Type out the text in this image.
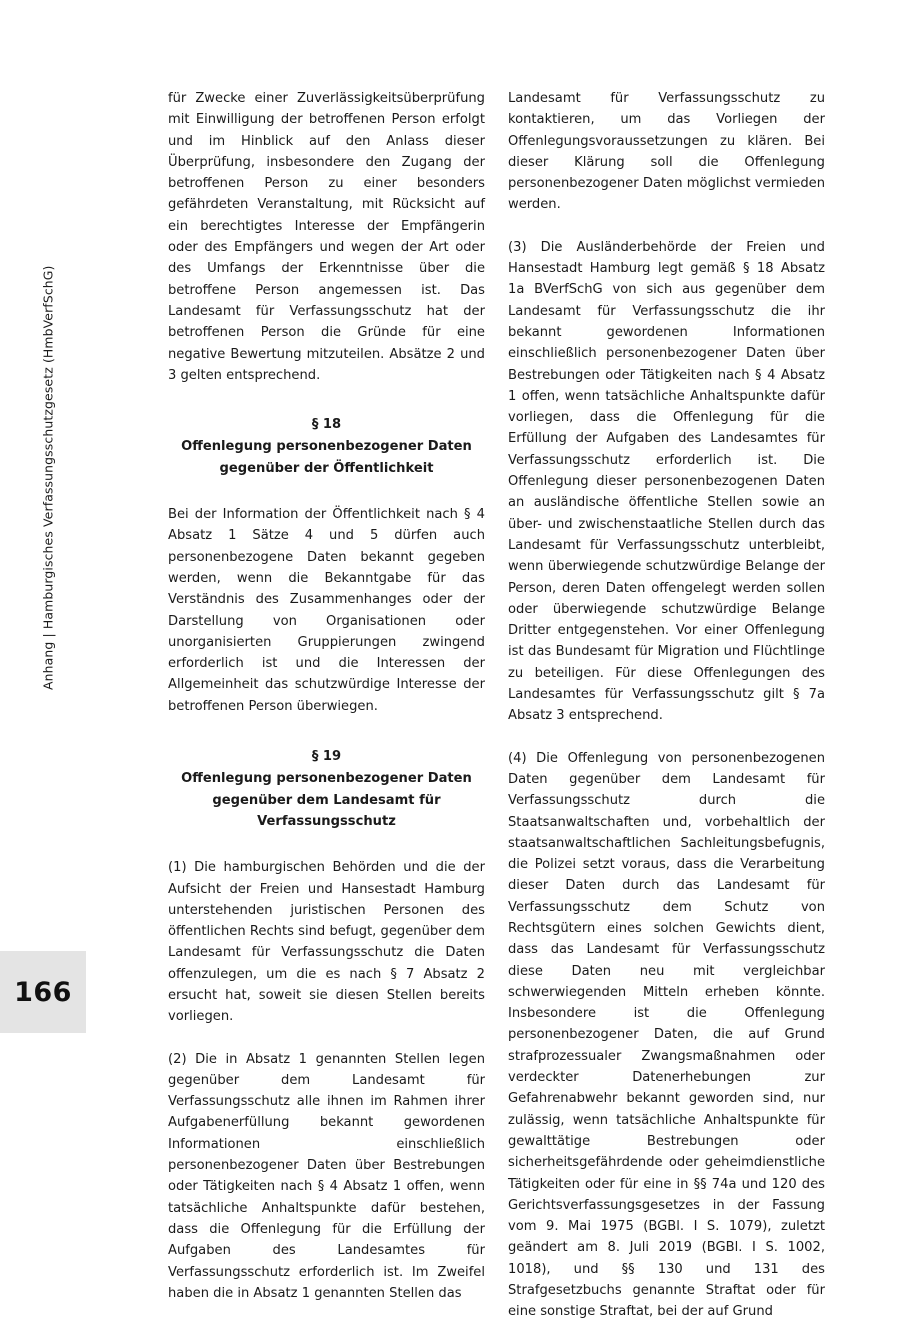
Anhang | Hamburgisches Verfassungsschutzgesetz (HmbVerfSchG)
166

für Zwecke einer Zuverlässigkeitsüberprüfung mit Einwilligung der betroffenen Person erfolgt und im Hinblick auf den Anlass dieser Überprüfung, insbesondere den Zugang der betroffenen Person zu einer besonders gefährdeten Veranstaltung, mit Rücksicht auf ein berechtigtes Interesse der Empfängerin oder des Empfängers und wegen der Art oder des Umfangs der Erkenntnisse über die betroffene Person angemessen ist. Das Landesamt für Verfassungsschutz hat der betroffenen Person die Gründe für eine negative Bewertung mitzuteilen. Absätze 2 und 3 gelten entsprechend.

§ 18
Offenlegung personenbezogener Daten
gegenüber der Öffentlichkeit

Bei der Information der Öffentlichkeit nach § 4 Absatz 1 Sätze 4 und 5 dürfen auch personenbezogene Daten bekannt gegeben werden, wenn die Bekanntgabe für das Verständnis des Zusammenhanges oder der Darstellung von Organisationen oder unorganisierten Gruppierungen zwingend erforderlich ist und die Interessen der Allgemeinheit das schutzwürdige Interesse der betroffenen Person überwiegen.

§ 19
Offenlegung personenbezogener Daten
gegenüber dem Landesamt für
Verfassungsschutz

(1) Die hamburgischen Behörden und die der Aufsicht der Freien und Hansestadt Hamburg unterstehenden juristischen Personen des öffentlichen Rechts sind befugt, gegenüber dem Landesamt für Verfassungsschutz die Daten offenzulegen, um die es nach § 7 Absatz 2 ersucht hat, soweit sie diesen Stellen bereits vorliegen.

(2) Die in Absatz 1 genannten Stellen legen gegenüber dem Landesamt für Verfassungsschutz alle ihnen im Rahmen ihrer Aufgabenerfüllung bekannt gewordenen Informationen einschließlich personenbezogener Daten über Bestrebungen oder Tätigkeiten nach § 4 Absatz 1 offen, wenn tatsächliche Anhaltspunkte dafür bestehen, dass die Offenlegung für die Erfüllung der Aufgaben des Landesamtes für Verfassungsschutz erforderlich ist. Im Zweifel haben die in Absatz 1 genannten Stellen das

Landesamt für Verfassungsschutz zu kontaktieren, um das Vorliegen der Offenlegungsvoraussetzungen zu klären. Bei dieser Klärung soll die Offenlegung personenbezogener Daten möglichst vermieden werden.

(3) Die Ausländerbehörde der Freien und Hansestadt Hamburg legt gemäß § 18 Absatz 1a BVerfSchG von sich aus gegenüber dem Landesamt für Verfassungsschutz die ihr bekannt gewordenen Informationen einschließlich personenbezogener Daten über Bestrebungen oder Tätigkeiten nach § 4 Absatz 1 offen, wenn tatsächliche Anhaltspunkte dafür vorliegen, dass die Offenlegung für die Erfüllung der Aufgaben des Landesamtes für Verfassungsschutz erforderlich ist. Die Offenlegung dieser personenbezogenen Daten an ausländische öffentliche Stellen sowie an über- und zwischenstaatliche Stellen durch das Landesamt für Verfassungsschutz unterbleibt, wenn überwiegende schutzwürdige Belange der Person, deren Daten offengelegt werden sollen oder überwiegende schutzwürdige Belange Dritter entgegenstehen. Vor einer Offenlegung ist das Bundesamt für Migration und Flüchtlinge zu beteiligen. Für diese Offenlegungen des Landesamtes für Verfassungsschutz gilt § 7a Absatz 3 entsprechend.

(4) Die Offenlegung von personenbezogenen Daten gegenüber dem Landesamt für Verfassungsschutz durch die Staatsanwaltschaften und, vorbehaltlich der staatsanwaltschaftlichen Sachleitungsbefugnis, die Polizei setzt voraus, dass die Verarbeitung dieser Daten durch das Landesamt für Verfassungsschutz dem Schutz von Rechtsgütern eines solchen Gewichts dient, dass das Landesamt für Verfassungsschutz diese Daten neu mit vergleichbar schwerwiegenden Mitteln erheben könnte. Insbesondere ist die Offenlegung personenbezogener Daten, die auf Grund strafprozessualer Zwangsmaßnahmen oder verdeckter Datenerhebungen zur Gefahrenabwehr bekannt geworden sind, nur zulässig, wenn tatsächliche Anhaltspunkte für gewalttätige Bestrebungen oder sicherheitsgefährdende oder geheimdienstliche Tätigkeiten oder für eine in §§ 74a und 120 des Gerichtsverfassungsgesetzes in der Fassung vom 9. Mai 1975 (BGBl. I S. 1079), zuletzt geändert am 8. Juli 2019 (BGBl. I S. 1002, 1018), und §§ 130 und 131 des Strafgesetzbuchs genannte Straftat oder für eine sonstige Straftat, bei der auf Grund
